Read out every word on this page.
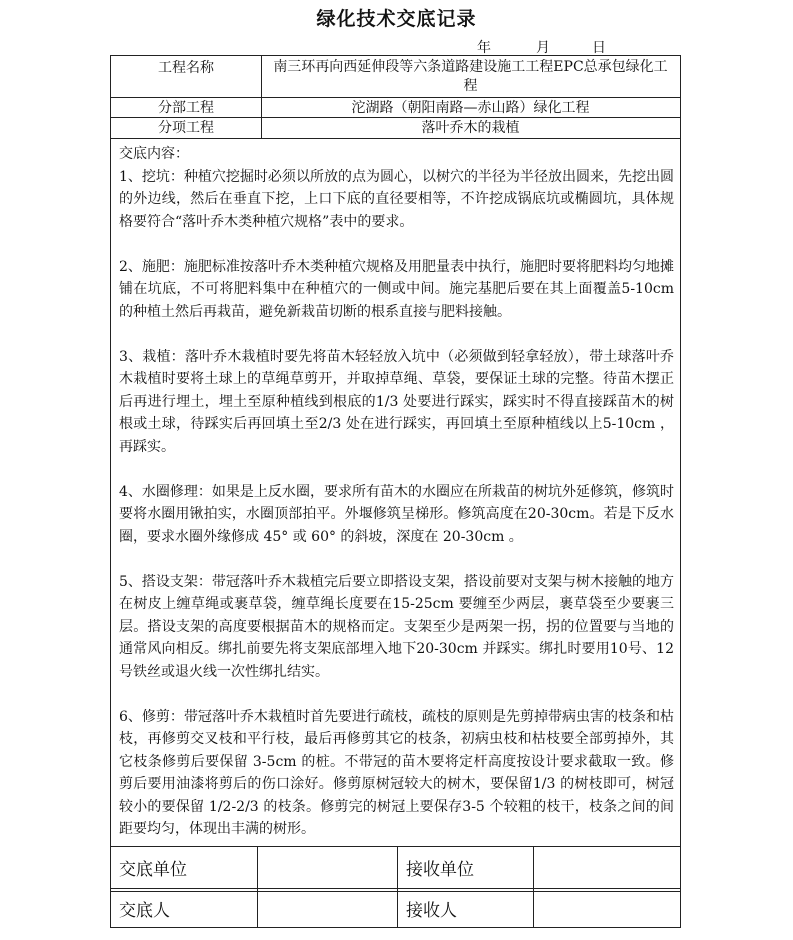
绿化技术交底记录
年	月	日
工程名称	南三环再向西延伸段等六条道路建设施工工程EPC总承包绿化工程
分部工程	沱湖路（朝阳南路—赤山路）绿化工程
分项工程	落叶乔木的栽植

交底内容：

1、挖坑：种植穴挖掘时必须以所放的点为圆心，以树穴的半径为半径放出圆来，先挖出圆的外边线，然后在垂直下挖，上口下底的直径要相等，不许挖成锅底坑或椭圆坑，具体规格要符合“落叶乔木类种植穴规格”表中的要求。

2、施肥：施肥标准按落叶乔木类种植穴规格及用肥量表中执行，施肥时要将肥料均匀地摊铺在坑底，不可将肥料集中在种植穴的一侧或中间。施完基肥后要在其上面覆盖5-10cm的种植土然后再栽苗，避免新栽苗切断的根系直接与肥料接触。

3、栽植：落叶乔木栽植时要先将苗木轻轻放入坑中（必须做到轻拿轻放），带土球落叶乔木栽植时要将土球上的草绳草剪开，并取掉草绳、草袋，要保证土球的完整。待苗木摆正后再进行埋土，埋土至原种植线到根底的1/3 处要进行踩实，踩实时不得直接踩苗木的树根或土球，待踩实后再回填土至2/3 处在进行踩实，再回填土至原种植线以上5-10cm ，再踩实。

4、水圈修理：如果是上反水圈，要求所有苗木的水圈应在所栽苗的树坑外延修筑，修筑时要将水圈用锹拍实，水圈顶部拍平。外堰修筑呈梯形。修筑高度在20-30cm。若是下反水圈，要求水圈外缘修成 45° 或 60° 的斜坡，深度在 20-30cm 。

5、搭设支架：带冠落叶乔木栽植完后要立即搭设支架，搭设前要对支架与树木接触的地方在树皮上缠草绳或裹草袋，缠草绳长度要在15-25cm 要缠至少两层，裹草袋至少要裹三层。搭设支架的高度要根据苗木的规格而定。支架至少是两架一拐，拐的位置要与当地的通常风向相反。绑扎前要先将支架底部埋入地下20-30cm 并踩实。绑扎时要用10号、12号铁丝或退火线一次性绑扎结实。

6、修剪：带冠落叶乔木栽植时首先要进行疏枝，疏枝的原则是先剪掉带病虫害的枝条和枯枝，再修剪交叉枝和平行枝，最后再修剪其它的枝条，初病虫枝和枯枝要全部剪掉外，其它枝条修剪后要保留 3-5cm 的桩。不带冠的苗木要将定杆高度按设计要求截取一致。修剪后要用油漆将剪后的伤口涂好。修剪原树冠较大的树木，要保留1/3 的树枝即可，树冠较小的要保留 1/2-2/3 的枝条。修剪完的树冠上要保存3-5 个较粗的枝干，枝条之间的间距要均匀，体现出丰满的树形。

交底单位	接收单位
交底人	接收人
